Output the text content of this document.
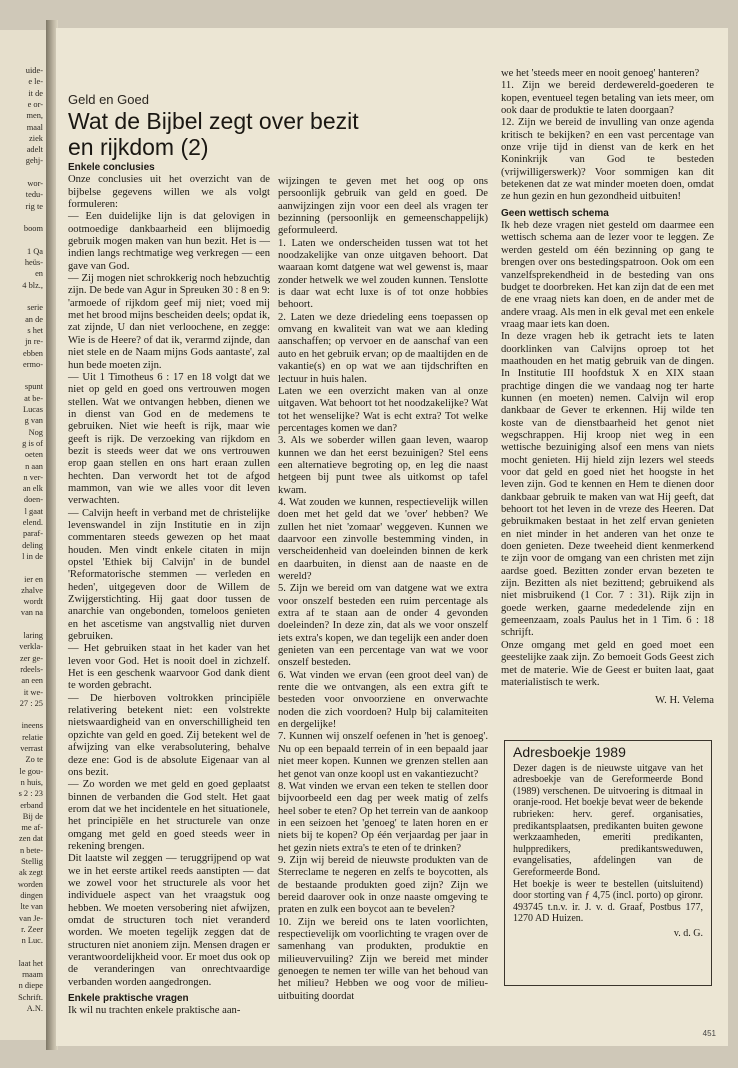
uide-
e le-
it de
e or-
men,
maal
ziek
adelt
gehj-
wor-
tedu-
rig te
boom
1 Qa
heüs-
en
4 blz.,
serie
an de
s het
jn re-
ebben
ermo-
spunt
at be-
Lucas
g van
Nog
g is of
oeten
n aan
n ver-
an elk
doen-
l gaat
elend.
paraf-
deling
l in de
ier en
zhalve
wordt
van na
laring
verkla-
zer ge-
rdeels-
an een
it we-
27 : 25
ineens
relatie
verrast
Zo te
le gou-
n huis,
s 2 : 23
erband
Bij de
me af-
zen dat
n bete-
Stellig
ak zegt
worden
dingen
lte van
van Je-
r. Zeer
n Luc.
laat het
rnaam
n diepe
Schrift.
A.N.
Geld en Goed
Wat de Bijbel zegt over bezit en rijkdom (2)

Enkele conclusies

Onze conclusies uit het overzicht van de bijbelse gegevens willen we als volgt formuleren:

— Een duidelijke lijn is dat gelovigen in ootmoedige dankbaarheid een blijmoedig gebruik mogen maken van hun bezit. Het is — indien langs rechtmatige weg verkregen — een gave van God.

— Zij mogen niet schrokkerig noch hebzuchtig zijn. De bede van Agur in Spreuken 30 : 8 en 9: 'armoede of rijkdom geef mij niet; voed mij met het brood mijns bescheiden deels; opdat ik, zat zijnde, U dan niet verloochene, en zegge: Wie is de Heere? of dat ik, verarmd zijnde, dan niet stele en de Naam mijns Gods aantaste', zal hun bede moeten zijn.

— Uit 1 Timotheus 6 : 17 en 18 volgt dat we niet op geld en goed ons vertrouwen mogen stellen. Wat we ontvangen hebben, dienen we in dienst van God en de medemens te gebruiken. Niet wie heeft is rijk, maar wie geeft is rijk. De verzoeking van rijkdom en bezit is steeds weer dat we ons vertrouwen erop gaan stellen en ons hart eraan zullen hechten. Dan verwordt het tot de afgod mammon, van wie we alles voor dit leven verwachten.

— Calvijn heeft in verband met de christelijke levenswandel in zijn Institutie en in zijn commentaren steeds gewezen op het maat houden. Men vindt enkele citaten in mijn opstel 'Ethiek bij Calvijn' in de bundel 'Reformatorische stemmen — verleden en heden', uitgegeven door de Willem de Zwijgerstichting. Hij gaat door tussen de anarchie van ongebonden, tomeloos genieten en het ascetisme van angstvallig niet durven gebruiken.

— Het gebruiken staat in het kader van het leven voor God. Het is nooit doel in zichzelf. Het is een geschenk waarvoor God dank dient te worden gebracht.

— De hierboven voltrokken principiële relativering betekent niet: een volstrekte nietswaardigheid van en onverschilligheid ten opzichte van geld en goed. Zij betekent wel de afwijzing van elke verabsolutering, behalve deze ene: God is de absolute Eigenaar van al ons bezit.

— Zo worden we met geld en goed geplaatst binnen de verbanden die God stelt. Het gaat erom dat we het incidentele en het situationele, het principiële en het structurele van onze omgang met geld en goed steeds weer in rekening brengen.

Dit laatste wil zeggen — teruggrijpend op wat we in het eerste artikel reeds aanstipten — dat we zowel voor het structurele als voor het individuele aspect van het vraagstuk oog hebben. We moeten versobering niet afwijzen, omdat de structuren toch niet veranderd worden. We moeten tegelijk zeggen dat de structuren niet anoniem zijn. Mensen dragen er verantwoordelijkheid voor. Er moet dus ook op de veranderingen van onrechtvaardige verbanden worden aangedrongen.

Enkele praktische vragen

Ik wil nu trachten enkele praktische aan-

wijzingen te geven met het oog op ons persoonlijk gebruik van geld en goed. De aanwijzingen zijn voor een deel als vragen ter bezinning (persoonlijk en gemeenschappelijk) geformuleerd.

1. Laten we onderscheiden tussen wat tot het noodzakelijke van onze uitgaven behoort. Dat waaraan komt datgene wat wel gewenst is, maar zonder hetwelk we wel zouden kunnen. Tenslotte is daar wat echt luxe is of tot onze hobbies behoort.

2. Laten we deze driedeling eens toepassen op omvang en kwaliteit van wat we aan kleding aanschaffen; op vervoer en de aanschaf van een auto en het gebruik ervan; op de maaltijden en de vakantie(s) en op wat we aan tijdschriften en lectuur in huis halen.

Laten we een overzicht maken van al onze uitgaven. Wat behoort tot het noodzakelijke? Wat tot het wenselijke? Wat is echt extra? Tot welke percentages komen we dan?

3. Als we soberder willen gaan leven, waarop kunnen we dan het eerst bezuinigen? Stel eens een alternatieve begroting op, en leg die naast hetgeen bij punt twee als uitkomst op tafel kwam.

4. Wat zouden we kunnen, respectievelijk willen doen met het geld dat we 'over' hebben? We zullen het niet 'zomaar' weggeven. Kunnen we daarvoor een zinvolle bestemming vinden, in verscheidenheid van doeleinden binnen de kerk en daarbuiten, in dienst aan de naaste en de wereld?

5. Zijn we bereid om van datgene wat we extra voor onszelf besteden een ruim percentage als extra af te staan aan de onder 4 gevonden doeleinden? In deze zin, dat als we voor onszelf iets extra's kopen, we dan tegelijk een ander doen genieten van een percentage van wat we voor onszelf besteden.

6. Wat vinden we ervan (een groot deel van) de rente die we ontvangen, als een extra gift te besteden voor onvoorziene en onverwachte noden die zich voordoen? Hulp bij calamiteiten en dergelijke!

7. Kunnen wij onszelf oefenen in 'het is genoeg'. Nu op een bepaald terrein of in een bepaald jaar niet meer kopen. Kunnen we grenzen stellen aan het genot van onze koopl ust en vakantiezucht?

8. Wat vinden we ervan een teken te stellen door bijvoorbeeld een dag per week matig of zelfs heel sober te eten? Op het terrein van de aankoop in een seizoen het 'genoeg' te laten horen en er niets bij te kopen? Op één verjaardag per jaar in het gezin niets extra's te eten of te drinken?

9. Zijn wij bereid de nieuwste produkten van de Sterreclame te negeren en zelfs te boycotten, als de bestaande produkten goed zijn? Zijn we bereid daarover ook in onze naaste omgeving te praten en zulk een boycot aan te bevelen?

10. Zijn we bereid ons te laten voorlichten, respectievelijk om voorlichting te vragen over de samenhang van produkten, produktie en milieuvervuiling? Zijn we bereid met minder genoegen te nemen ter wille van het behoud van het milieu? Hebben we oog voor de milieu-uitbuiting doordat

we het 'steeds meer en nooit genoeg' hanteren?

11. Zijn we bereid derdewereld-goederen te kopen, eventueel tegen betaling van iets meer, om ook daar de produktie te laten doorgaan?

12. Zijn we bereid de invulling van onze agenda kritisch te bekijken? en een vast percentage van onze vrije tijd in dienst van de kerk en het Koninkrijk van God te besteden (vrijwilligerswerk)? Voor sommigen kan dit betekenen dat ze wat minder moeten doen, omdat ze hun gezin en hun gezondheid uitbuiten!

Geen wettisch schema

Ik heb deze vragen niet gesteld om daarmee een wettisch schema aan de lezer voor te leggen. Ze werden gesteld om één bezinning op gang te brengen over ons bestedingspatroon. Ook om een vanzelfsprekendheid in de besteding van ons budget te doorbreken. Het kan zijn dat de een met de ene vraag niets kan doen, en de ander met de andere vraag. Als men in elk geval met een enkele vraag maar iets kan doen.

In deze vragen heb ik getracht iets te laten doorklinken van Calvijns oproep tot het maathouden en het matig gebruik van de dingen. In Institutie III hoofdstuk X en XIX staan prachtige dingen die we vandaag nog ter harte kunnen (en moeten) nemen. Calvijn wil erop dankbaar de Gever te erkennen. Hij wilde ten koste van de dienstbaarheid het genot niet wegschrappen. Hij kroop niet weg in een wettische bezuiniging alsof een mens van niets mocht genieten. Hij hield zijn lezers wel steeds voor dat geld en goed niet het hoogste in het leven zijn. God te kennen en Hem te dienen door dankbaar gebruik te maken van wat Hij geeft, dat behoort tot het leven in de vreze des Heeren. Dat gebruikmaken bestaat in het zelf ervan genieten en niet minder in het anderen van het onze te doen genieten. Deze tweeheid dient kenmerkend te zijn voor de omgang van een christen met zijn aardse goed. Bezitten zonder ervan bezeten te zijn. Bezitten als niet bezittend; gebruikend als niet misbruikend (1 Cor. 7 : 31). Rijk zijn in goede werken, gaarne mededelende zijn en gemeenzaam, zoals Paulus het in 1 Tim. 6 : 18 schrijft.

Onze omgang met geld en goed moet een geestelijke zaak zijn. Zo bemoeit Gods Geest zich met de materie. Wie de Geest er buiten laat, gaat materialistisch te werk.

W. H. Velema

Adresboekje 1989

Dezer dagen is de nieuwste uitgave van het adresboekje van de Gereformeerde Bond (1989) verschenen. De uitvoering is ditmaal in oranje-rood. Het boekje bevat weer de bekende rubrieken: herv. geref. organisaties, predikantsplaatsen, predikanten buiten gewone werkzaamheden, emeriti predikanten, hulppredikers, predikantsweduwen, evangelisaties, afdelingen van de Gereformeerde Bond.

Het boekje is weer te bestellen (uitsluitend) door storting van ƒ 4,75 (incl. porto) op gironr. 493745 t.n.v. ir. J. v. d. Graaf, Postbus 177, 1270 AD Huizen.

v. d. G.

451
